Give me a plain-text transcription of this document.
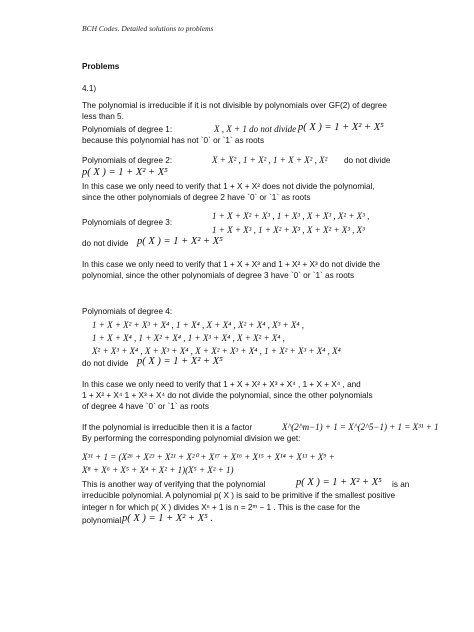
BCH Codes. Detailed solutions to problems
Problems
4.1)
The polynomial is irreducible if it is not divisible by polynomials over GF(2) of degree
less than 5.
Polynomials of degree 1:	X , X + 1 do not divide p( X ) = 1 + X² + X⁵
because this polynomial has not `0` or `1` as roots
Polynomials of degree 2:	X + X² , 1 + X² , 1 + X + X² , X² do not divide
p( X ) = 1 + X² + X⁵
In this case we only need to verify that 1 + X + X² does not divide the polynomial,
since the other polynomials of degree 2 have `0` or `1` as roots
1 + X + X² + X³ , 1 + X³ , X + X³ , X² + X³ ,
Polynomials of degree 3:
1 + X + X³ , 1 + X² + X³ , X + X² + X³ , X³
do not divide p( X ) = 1 + X² + X⁵
In this case we only need to verify that 1 + X + X³ and 1 + X² + X³ do not divide the
polynomial, since the other polynomials of degree 3 have `0` or `1` as roots
Polynomials of degree 4:
1 + X + X² + X³ + X⁴ , 1 + X⁴ , X + X⁴ , X² + X⁴ , X³ + X⁴ ,
1 + X + X⁴ , 1 + X² + X⁴ , 1 + X³ + X⁴ , X + X² + X⁴ ,
X² + X³ + X⁴ , X + X³ + X⁴ , X + X² + X³ + X⁴ , 1 + X² + X³ + X⁴ , X⁴
do not divide p( X ) = 1 + X² + X⁵
In this case we only need to verify that 1 + X + X² + X³ + X⁴ , 1 + X + X⁴ , and
1 + X² + X⁴ 1 + X³ + X⁴ do not divide the polynomial, since the other polynomials
of degree 4 have `0` or `1` as roots
If the polynomial is irreducible then it is a factor	X^(2^m−1) + 1 = X^(2^5−1) + 1 = X³¹ + 1
By performing the corresponding polynomial division we get:
X³¹ + 1 = (X²⁶ + X²³ + X²¹ + X²⁰ + X¹⁷ + X¹⁶ + X¹⁵ + X¹⁴ + X¹³ + X⁹ +
X⁸ + X⁶ + X⁵ + X⁴ + X² + 1)(X⁵ + X² + 1)
This is another way of verifying that the polynomial	p( X ) = 1 + X² + X⁵ is an
irreducible polynomial. A polynomial p( X ) is said to be primitive if the smallest positive
integer n for which p( X ) divides Xⁿ + 1 is n = 2ᵐ − 1 . This is the case for the
polynomial p( X ) = 1 + X² + X⁵ .
